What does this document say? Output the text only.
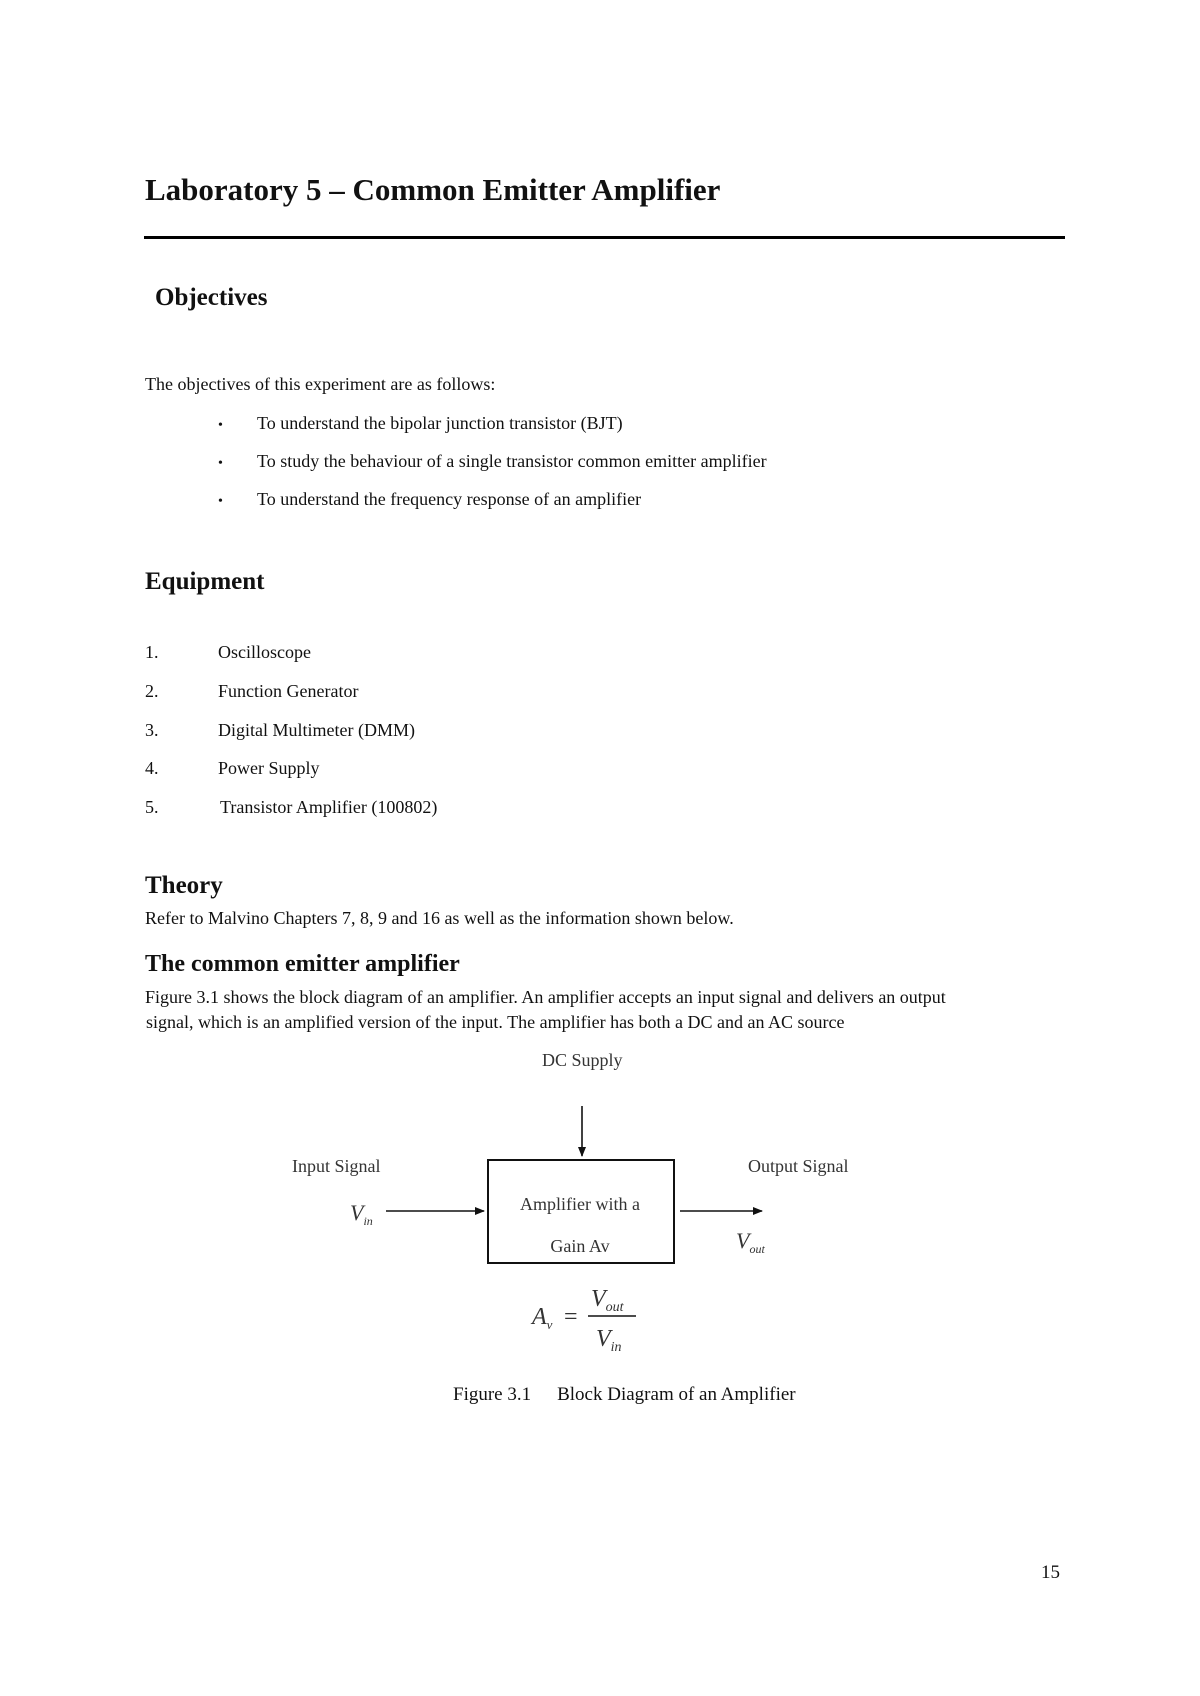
Laboratory 5 – Common Emitter Amplifier
Objectives
The objectives of this experiment are as follows:
• To understand the bipolar junction transistor (BJT)
• To study the behaviour of a single transistor common emitter amplifier
• To understand the frequency response of an amplifier
Equipment
1.	Oscilloscope
2.	Function Generator
3.	Digital Multimeter (DMM)
4.	Power Supply
5.	Transistor Amplifier (100802)
Theory
Refer to Malvino Chapters 7, 8, 9 and 16 as well as the information shown below.
The common emitter amplifier
Figure 3.1 shows the block diagram of an amplifier. An amplifier accepts an input signal and delivers an output
signal, which is an amplified version of the input. The amplifier has both a DC and an AC source
DC Supply
Input Signal	Output Signal
$V_{in}$
$V_{out}$
Amplifier with a
Gain Av
$A_v$ =
$V_{out}$
$V_{in}$
Figure 3.1 Block Diagram of an Amplifier
15
